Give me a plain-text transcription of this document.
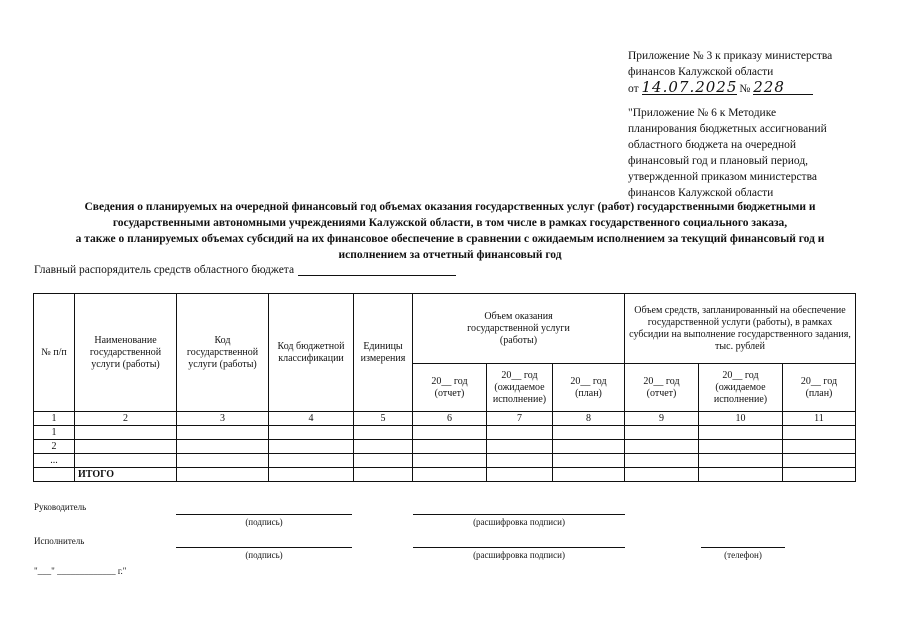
Приложение № 3 к приказу министерства
финансов Калужской области
от 14.07.2025 № 228
"Приложение № 6 к Методике
планирования бюджетных ассигнований
областного бюджета на очередной
финансовый год и плановый период,
утвержденной приказом министерства
финансов Калужской области
Сведения о планируемых на очередной финансовый год объемах оказания государственных услуг (работ) государственными бюджетными и
государственными автономными учреждениями Калужской области, в том числе в рамках государственного социального заказа,
а также о планируемых объемах субсидий на их финансовое обеспечение в сравнении с ожидаемым исполнением за текущий финансовый год и
исполнением за отчетный финансовый год
Главный распорядитель средств областного бюджета
№ п/п	Наименование государственной услуги (работы)	Код государственной услуги (работы)	Код бюджетной классификации	Единицы измерения	Объем оказания государственной услуги (работы)			Объем средств, запланированный на обеспечение государственной услуги (работы), в рамках субсидии на выполнение государственного задания, тыс. рублей		
					20__ год (отчет)	20__ год (ожидаемое исполнение)	20__ год (план)	20__ год (отчет)	20__ год (ожидаемое исполнение)	20__ год (план)
1	2	3	4	5	6	7	8	9	10	11
1										
2										
...										
	ИТОГО									
Руководитель
(подпись)	(расшифровка подписи)
Исполнитель
(подпись)	(расшифровка подписи)	(телефон)
"___" _____________ г."
